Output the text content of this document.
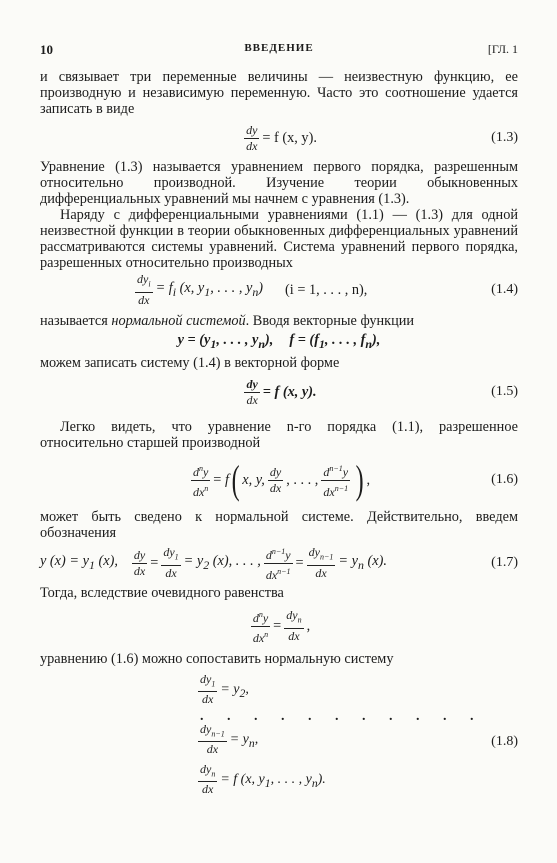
10	ВВЕДЕНИЕ	[ГЛ. 1

и связывает три переменные величины — неизвестную функцию, ее производную и независимую переменную. Часто это соотношение удается записать в виде

$\frac{dy}{dx} = f$ (x, y).	(1.3)

Уравнение (1.3) называется уравнением первого порядка, разрешенным относительно производной. Изучение теории обыкновенных дифференциальных уравнений мы начнем с уравнения (1.3).

Наряду с дифференциальными уравнениями (1.1) — (1.3) для одной неизвестной функции в теории обыкновенных дифференциальных уравнений рассматриваются системы уравнений. Система уравнений первого порядка, разрешенных относительно производных

$\frac{dy_i}{dx} = f_i$ (x, $y_1$, . . . , $y_n$) (i = 1, . . . , n),	(1.4)

называется нормальной системой. Вводя векторные функции

$y = (y_1$, . . . , $y_n$), $f = (f_1$, . . . , $f_n$),

можем записать систему (1.4) в векторной форме

$\frac{dy}{dx} = f$ (x, y).	(1.5)

Легко видеть, что уравнение n-го порядка (1.1), разрешенное относительно старшей производной

$\frac{d^ny}{dx^n} = f$ ( x, y, $\frac{dy}{dx}$ , . . . , $\frac{d^{n-1}y}{dx^{n-1}}$ ) ,	(1.6)

может быть сведено к нормальной системе. Действительно, введем обозначения

y $(x) = y_1$ (x), $\frac{dy}{dx} = \frac{dy_1}{dx} = y_2$ (x), . . . , $\frac{d^{n-1}y}{dx^{n-1}} = \frac{dy_{n-1}}{dx} = y_n$ (x).	(1.7)

Тогда, вследствие очевидного равенства

$\frac{d^ny}{dx^n} = \frac{dy_n}{dx}$ ,

уравнению (1.6) можно сопоставить нормальную систему

$\frac{dy_1}{dx} = y_2$,
. . . . . . . . . . .
$\frac{dy_{n-1}}{dx} = y_n$,
$\frac{dy_n}{dx} = f$ (x, $y_1$, . . . , $y_n$).
(1.8)
